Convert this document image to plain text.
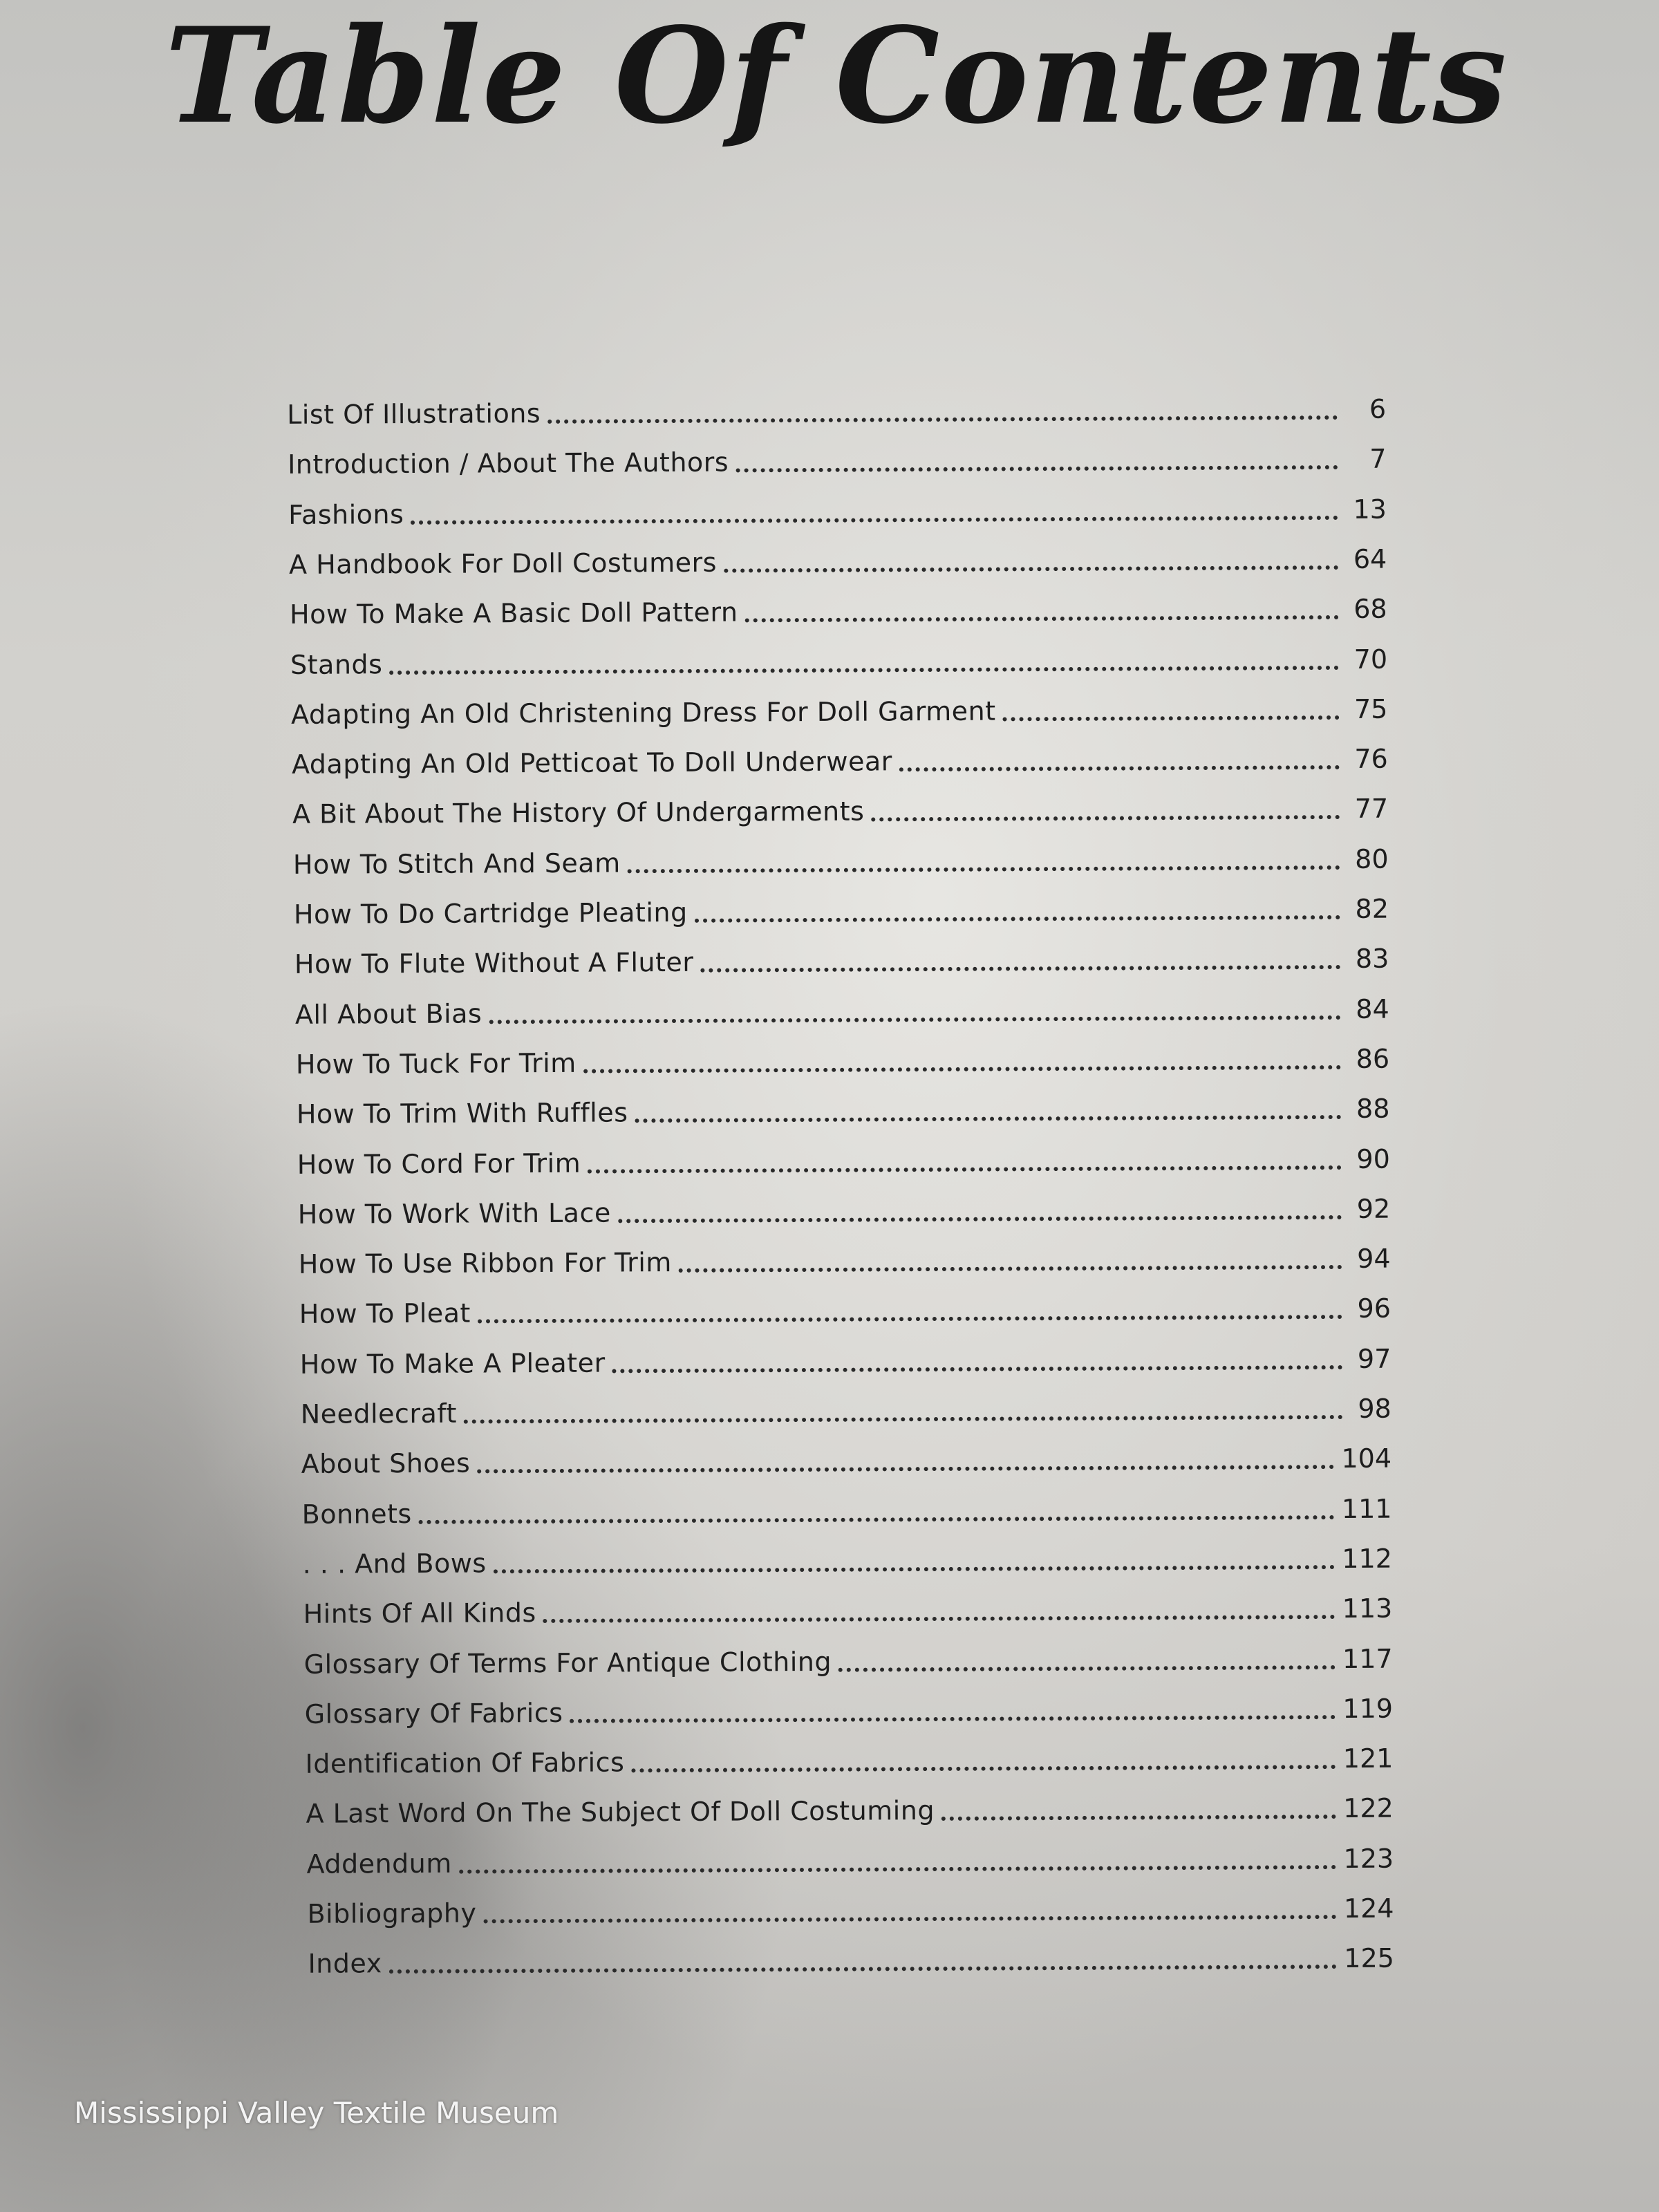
Table Of Contents
List Of Illustrations	6
Introduction / About The Authors	7
Fashions	13
A Handbook For Doll Costumers	64
How To Make A Basic Doll Pattern	68
Stands	70
Adapting An Old Christening Dress For Doll Garment	75
Adapting An Old Petticoat To Doll Underwear	76
A Bit About The History Of Undergarments	77
How To Stitch And Seam	80
How To Do Cartridge Pleating	82
How To Flute Without A Fluter	83
All About Bias	84
How To Tuck For Trim	86
How To Trim With Ruffles	88
How To Cord For Trim	90
How To Work With Lace	92
How To Use Ribbon For Trim	94
How To Pleat	96
How To Make A Pleater	97
Needlecraft	98
About Shoes	104
Bonnets	111
. . . And Bows	112
Hints Of All Kinds	113
Glossary Of Terms For Antique Clothing	117
Glossary Of Fabrics	119
Identification Of Fabrics	121
A Last Word On The Subject Of Doll Costuming	122
Addendum	123
Bibliography	124
Index	125
Mississippi Valley Textile Museum
